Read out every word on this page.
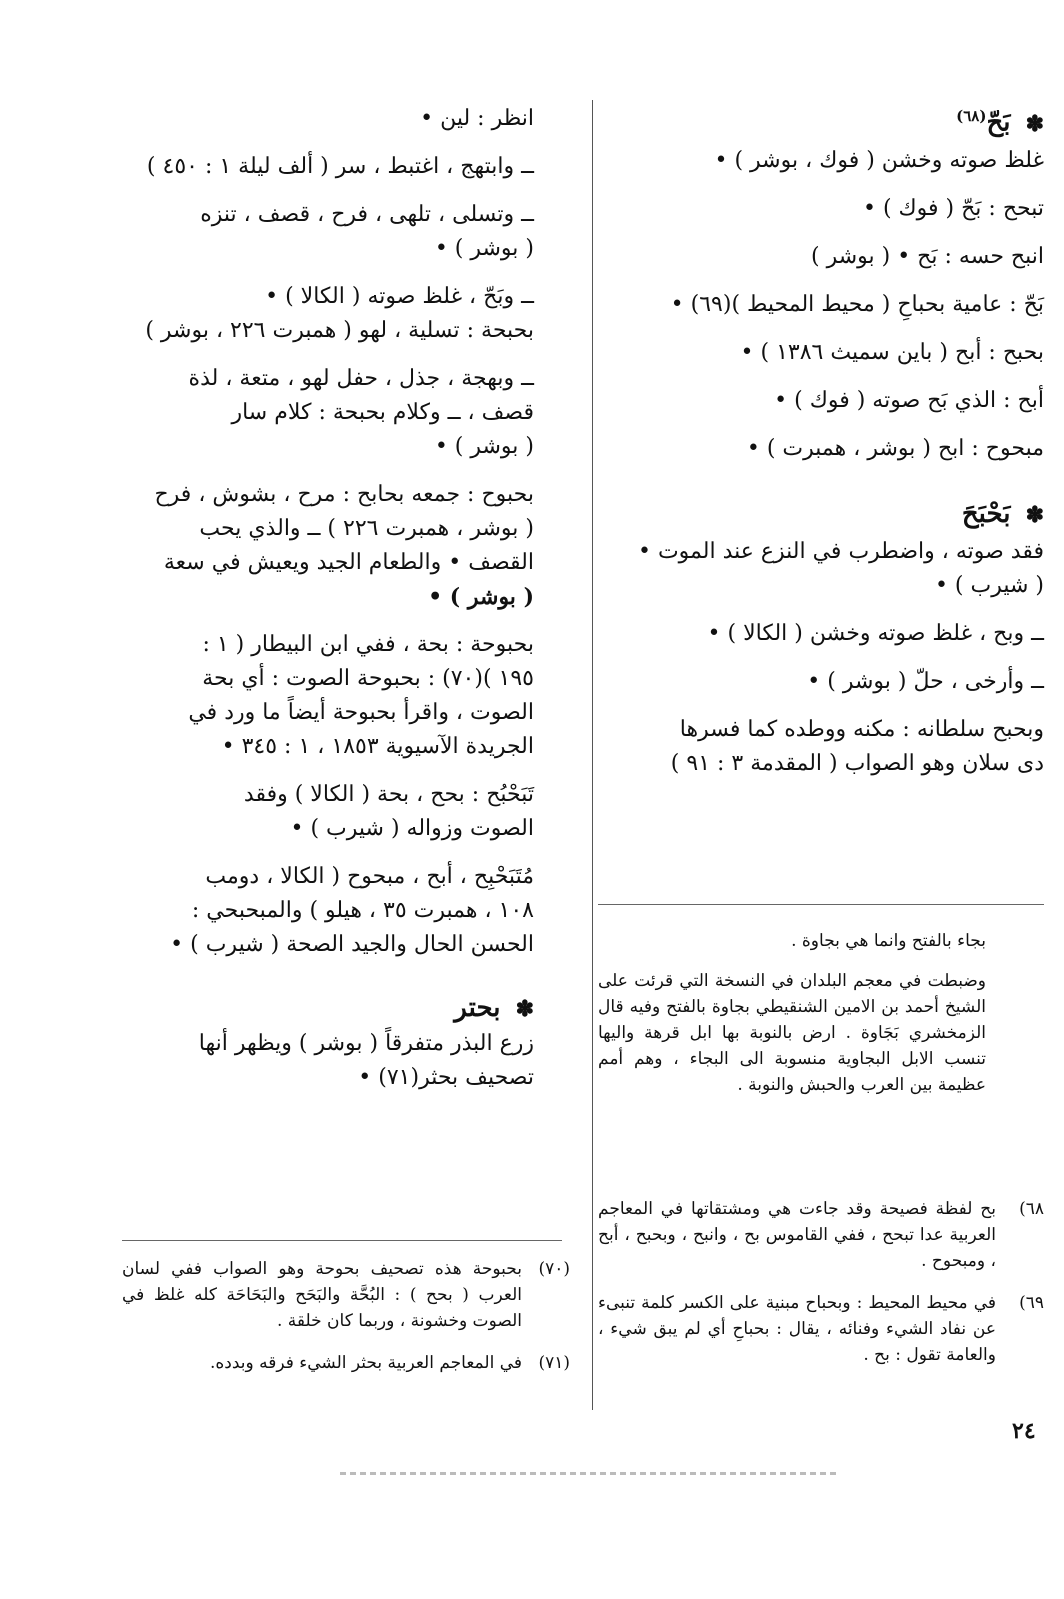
✽ بَحّ$^{(٦٨)}$

غلظ صوته وخشن ( فوك ، بوشر ) •

تبحح : بَحّ ( فوك ) •

انبح حسه : بَح • ( بوشر )

بَحّ : عامية بحباحِ ( محيط المحيط )(٦٩) •

بحبح : أبح ( باين سميث ١٣٨٦ ) •

أبح : الذي بَح صوته ( فوك ) •

مبحوح : ابح ( بوشر ، همبرت ) •

✽ بَحْبَحَ

فقد صوته ، واضطرب في النزع عند الموت •

( شيرب ) •

ــ وبح ، غلظ صوته وخشن ( الكالا ) •

ــ وأرخى ، حلّ ( بوشر ) •

وبحبح سلطانه : مكنه ووطده كما فسرها

دى سلان وهو الصواب ( المقدمة ٣ : ٩١ )

بجاء بالفتح وانما هي بجاوة .

وضبطت في معجم البلدان في النسخة التي قرئت على الشيخ أحمد بن الامين الشنقيطي بجاوة بالفتح وفيه قال الزمخشري بَجَاوة . ارض بالنوبة بها ابل قرهة واليها تنسب الابل البجاوية منسوبة الى البجاء ، وهم أمم عظيمة بين العرب والحبش والنوبة .

٦٨)
بح لفظة فصيحة وقد جاءت هي ومشتقاتها في المعاجم العربية عدا تبحح ، ففي القاموس بح ، وانبح ، وبحبح ، أبح ، ومبحوح .
٦٩)
في محيط المحيط : وبحباح مبنية على الكسر كلمة تنبىء عن نفاد الشيء وفنائه ، يقال : بحباحِ أي لم يبق شيء ، والعامة تقول : بح .

انظر : لين •

ــ وابتهج ، اغتبط ، سر ( ألف ليلة ١ : ٤٥٠ )

ــ وتسلى ، تلهى ، فرح ، قصف ، تنزه

( بوشر ) •

ــ وبَحّ ، غلظ صوته ( الكالا ) •

بحبحة : تسلية ، لهو ( همبرت ٢٢٦ ، بوشر )

ــ وبهجة ، جذل ، حفل لهو ، متعة ، لذة

قصف ، ــ وكلام بحبحة : كلام سار

( بوشر ) •

بحبوح : جمعه بحابح : مرح ، بشوش ، فرح

( بوشر ، همبرت ٢٢٦ ) ــ والذي يحب

القصف • والطعام الجيد ويعيش في سعة

( بوشر ) •

بحبوحة : بحة ، ففي ابن البيطار ( ١ :

١٩٥ )(٧٠) : بحبوحة الصوت : أي بحة

الصوت ، واقرأ بحبوحة أيضاً ما ورد في

الجريدة الآسيوية ١٨٥٣ ، ١ : ٣٤٥ •

تَبَحْبُح : بحح ، بحة ( الكالا ) وفقد

الصوت وزواله ( شيرب ) •

مُتَبَحْبِح ، أبح ، مبحوح ( الكالا ، دومب

١٠٨ ، همبرت ٣٥ ، هيلو ) والمبحبحي :

الحسن الحال والجيد الصحة ( شيرب ) •

✽ بحتر

زرع البذر متفرقاً ( بوشر ) ويظهر أنها

تصحيف بحثر(٧١) •

(٧٠)
بحبوحة هذه تصحيف بحوحة وهو الصواب ففي لسان العرب ( بحح ) : البُحَّة والبَحَح والبَحَاحَة كله غلظ في الصوت وخشونة ، وربما كان خلقة .
(٧١)
في المعاجم العربية بحثر الشيء فرقه وبدده.
٢٤
